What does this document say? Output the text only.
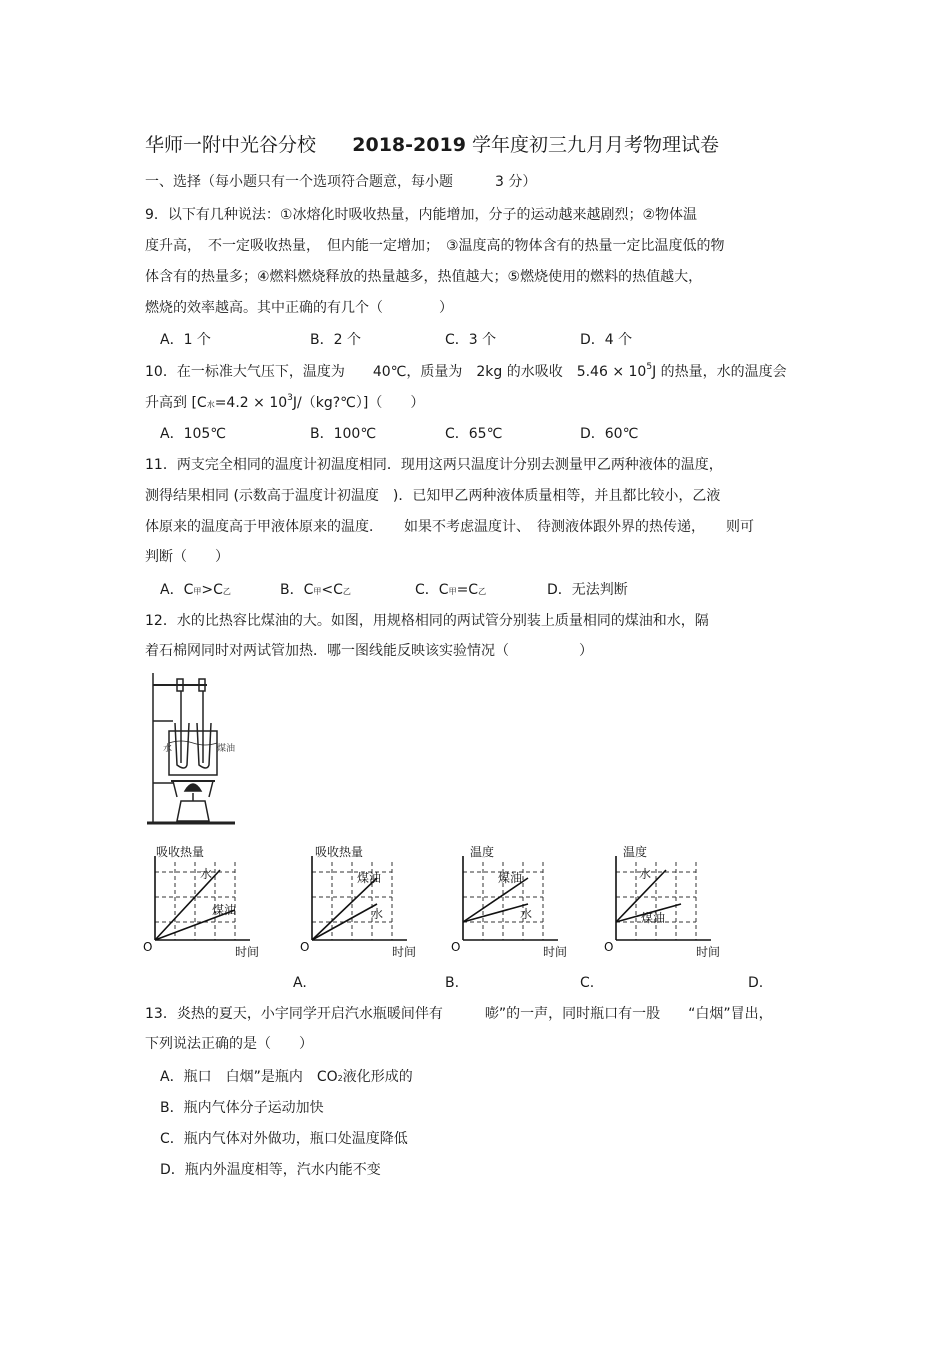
华师一附中光谷分校 2018-2019 学年度初三九月月考物理试卷
一、选择（每小题只有一个选项符合题意，每小题　　　3 分）
9．以下有几种说法：①冰熔化时吸收热量，内能增加，分子的运动越来越剧烈；②物体温
度升高，　不一定吸收热量，　但内能一定增加；　③温度高的物体含有的热量一定比温度低的物
体含有的热量多；④燃料燃烧释放的热量越多，热值越大；⑤燃烧使用的燃料的热值越大，
燃烧的效率越高。其中正确的有几个（　　　　）
A．1 个	B．2 个	C．3 个	D．4 个
10．在一标准大气压下，温度为　　40℃，质量为　2kg 的水吸收　$5.46 \times 10^5J$ 的热量，水的温度会
升高到 [C水$=4.2 \times 10^3J/(kg?℃)$]（　　）
A．105℃	B．100℃	C．65℃	D．60℃
11．两支完全相同的温度计初温度相同．现用这两只温度计分别去测量甲乙两种液体的温度，
测得结果相同 (示数高于温度计初温度　)．已知甲乙两种液体质量相等，并且都比较小，乙液
体原来的温度高于甲液体原来的温度．　　如果不考虑温度计、　待测液体跟外界的热传递，　　则可
判断（　　）
A．C甲>C乙	B．C甲<C乙	C．C甲=C乙	D．无法判断
12．水的比热容比煤油的大。如图，用规格相同的两试管分别装上质量相同的煤油和水，隔
着石棉网同时对两试管加热．哪一图线能反映该实验情况（　　　　　）
水	煤油
吸收热量
O	时间
水
煤油
吸收热量
O	时间
煤油
水
温度
O	时间
煤油
水
温度
O	时间
水
煤油
A.	B.	C.	D.
13．炎热的夏天，小宇同学开启汽水瓶暖间伴有　　　嘭”的一声，同时瓶口有一股　　“白烟”冒出，
下列说法正确的是（　　）
A．瓶口　白烟”是瓶内　CO2液化形成的
B．瓶内气体分子运动加快
C．瓶内气体对外做功，瓶口处温度降低
D．瓶内外温度相等，汽水内能不变
